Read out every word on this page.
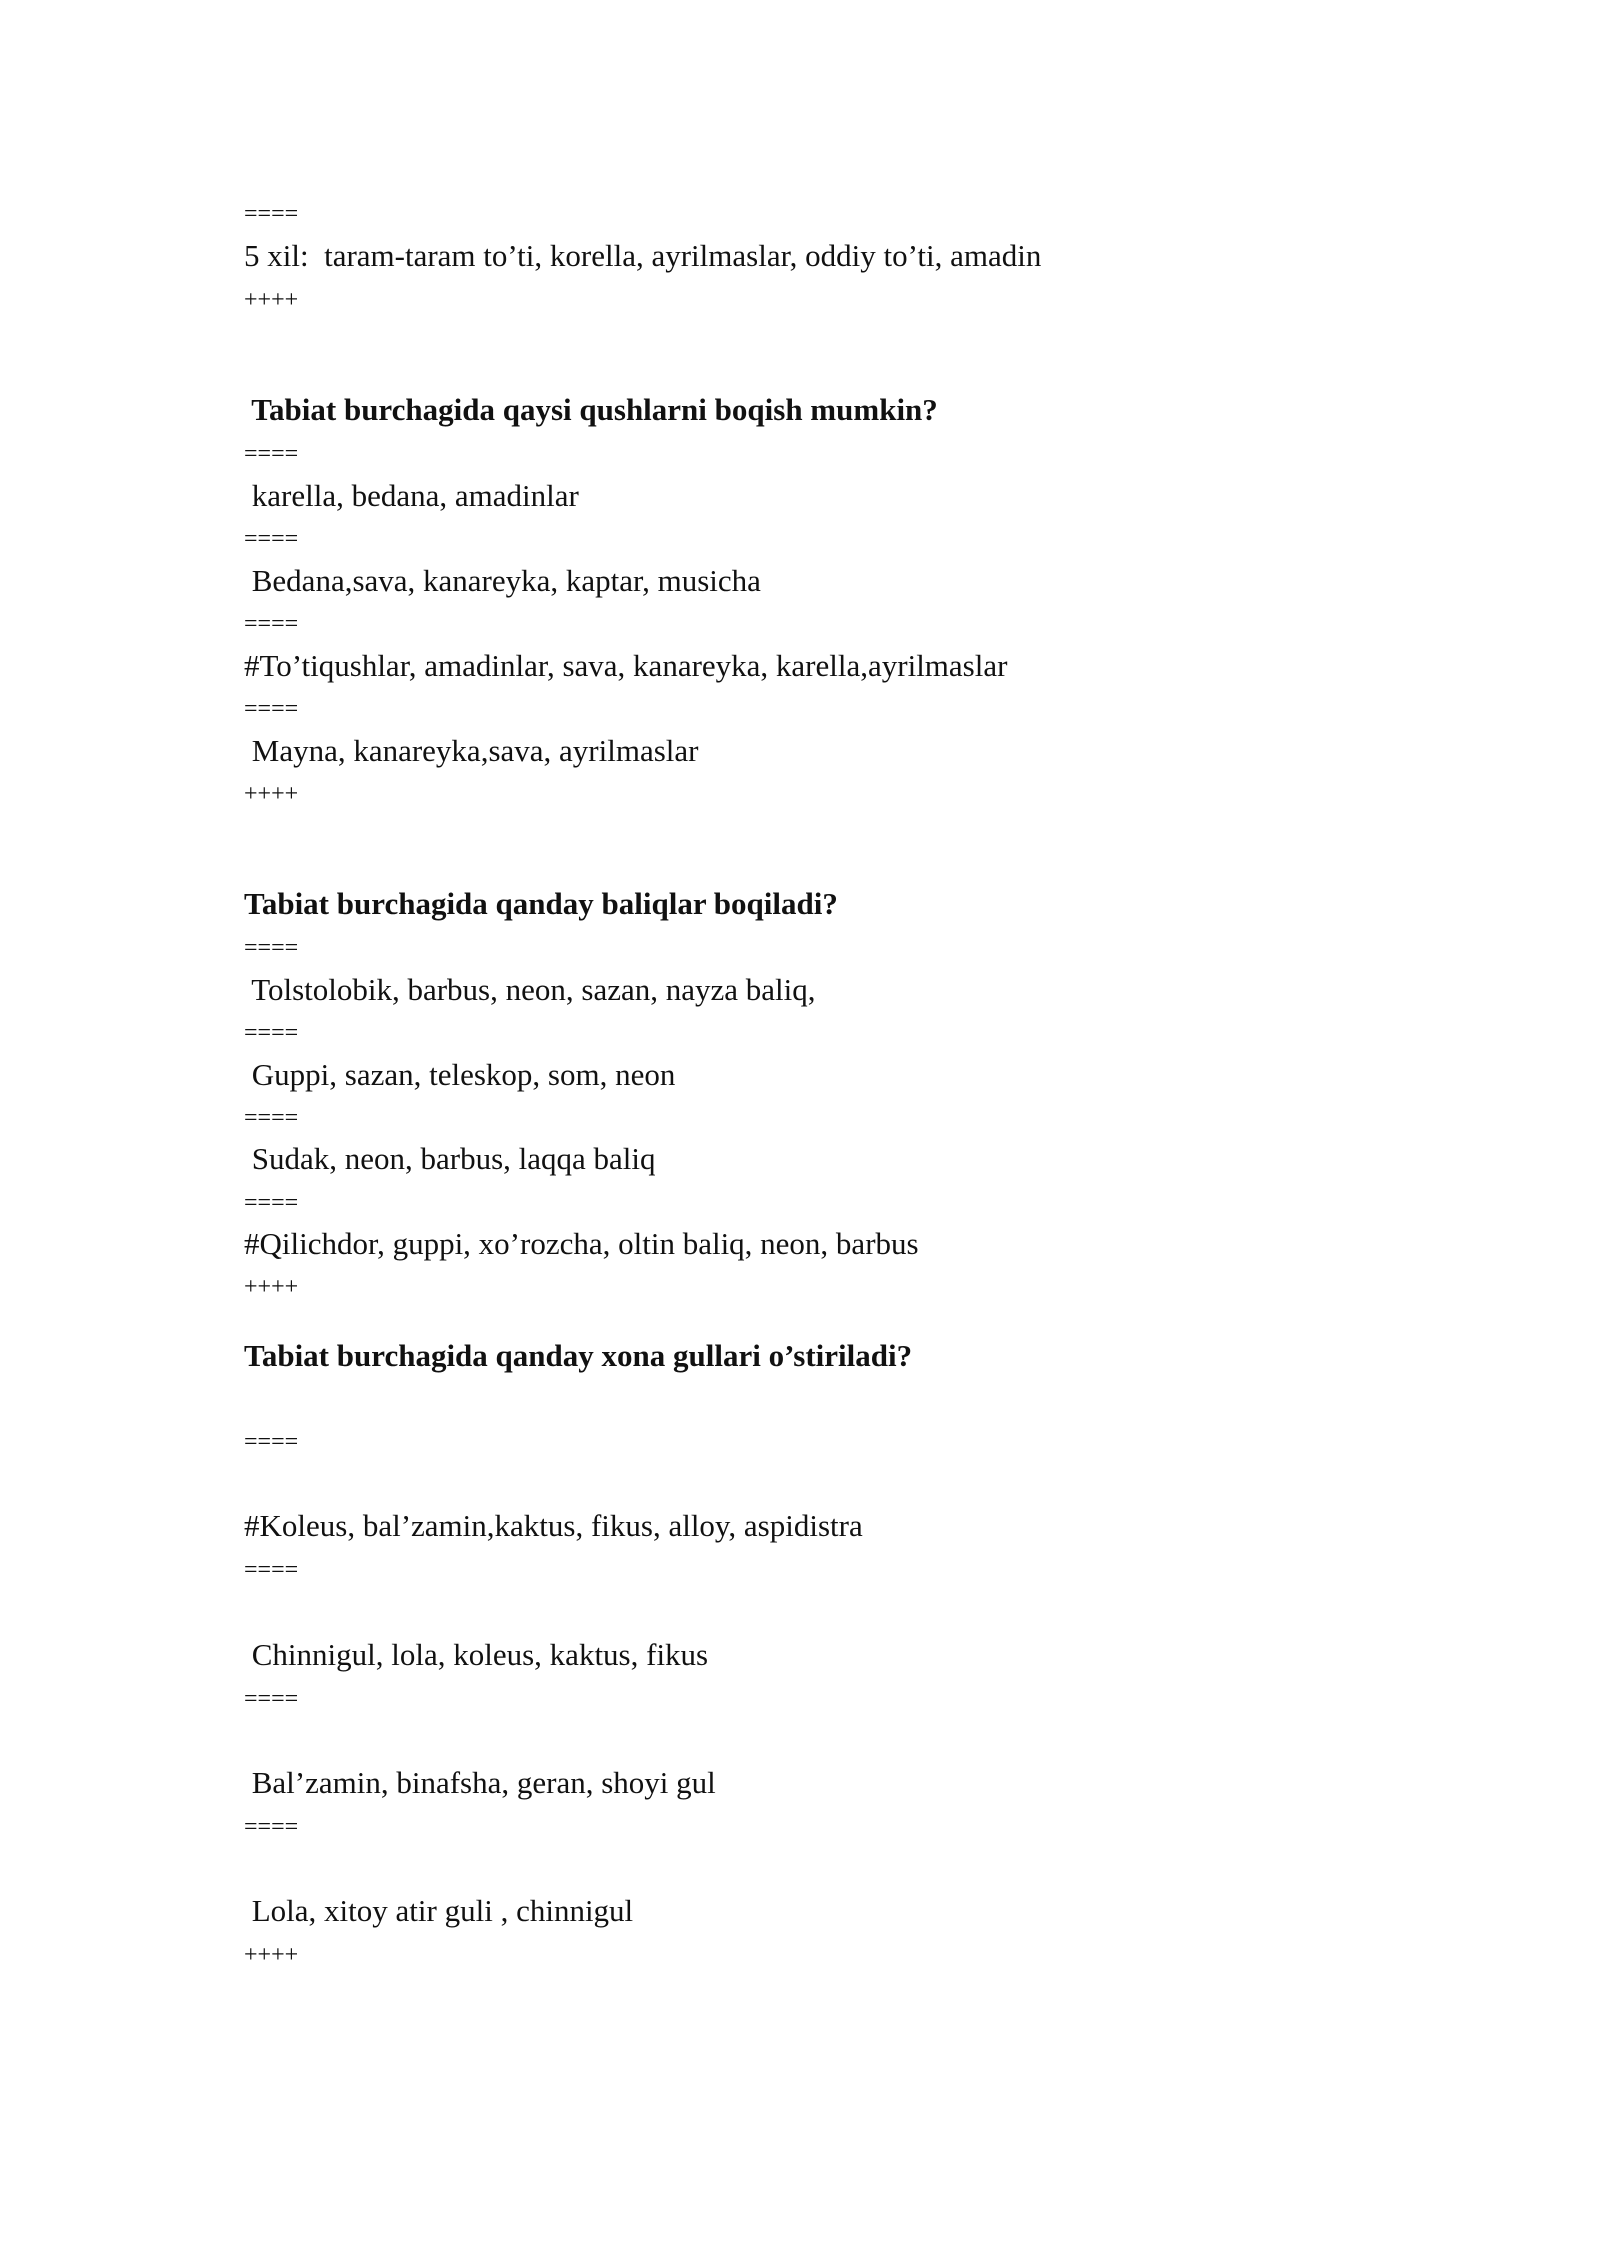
====
5 xil:  taram-taram to’ti, korella, ayrilmaslar, oddiy to’ti, amadin
++++
Tabiat burchagida qaysi qushlarni boqish mumkin?
====
karella, bedana, amadinlar
====
Bedana,sava, kanareyka, kaptar, musicha
====
#To’tiqushlar, amadinlar, sava, kanareyka, karella,ayrilmaslar
====
Mayna, kanareyka,sava, ayrilmaslar
++++
Tabiat burchagida qanday baliqlar boqiladi?
====
Tolstolobik, barbus, neon, sazan, nayza baliq,
====
Guppi, sazan, teleskop, som, neon
====
Sudak, neon, barbus, laqqa baliq
====
#Qilichdor, guppi, xo’rozcha, oltin baliq, neon, barbus
++++
Tabiat burchagida qanday xona gullari o’stiriladi?
====
#Koleus, bal’zamin,kaktus, fikus, alloy, aspidistra
====
Chinnigul, lola, koleus, kaktus, fikus
====
Bal’zamin, binafsha, geran, shoyi gul
====
Lola, xitoy atir guli , chinnigul
++++
